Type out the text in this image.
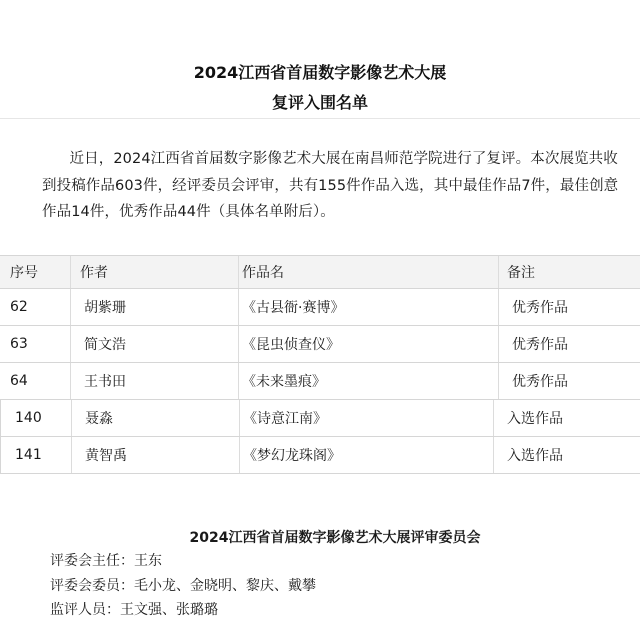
2024江西省首届数字影像艺术大展
复评入围名单
近日，2024江西省首届数字影像艺术大展在南昌师范学院进行了复评。本次展览共收到投稿作品603件，经评委员会评审，共有155件作品入选，其中最佳作品7件，最佳创意作品14件，优秀作品44件（具体名单附后）。
序号	作者	作品名	备注
62	胡紫珊	《古县衙·赛博》	优秀作品
63	简文浩	《昆虫侦查仪》	优秀作品
64	王书田	《未来墨痕》	优秀作品
140	聂淼	《诗意江南》	入选作品
141	黄智禹	《梦幻龙珠阁》	入选作品
2024江西省首届数字影像艺术大展评审委员会
评委会主任：王东
评委会委员：毛小龙、金晓明、黎庆、戴攀
监评人员：王文强、张璐璐
